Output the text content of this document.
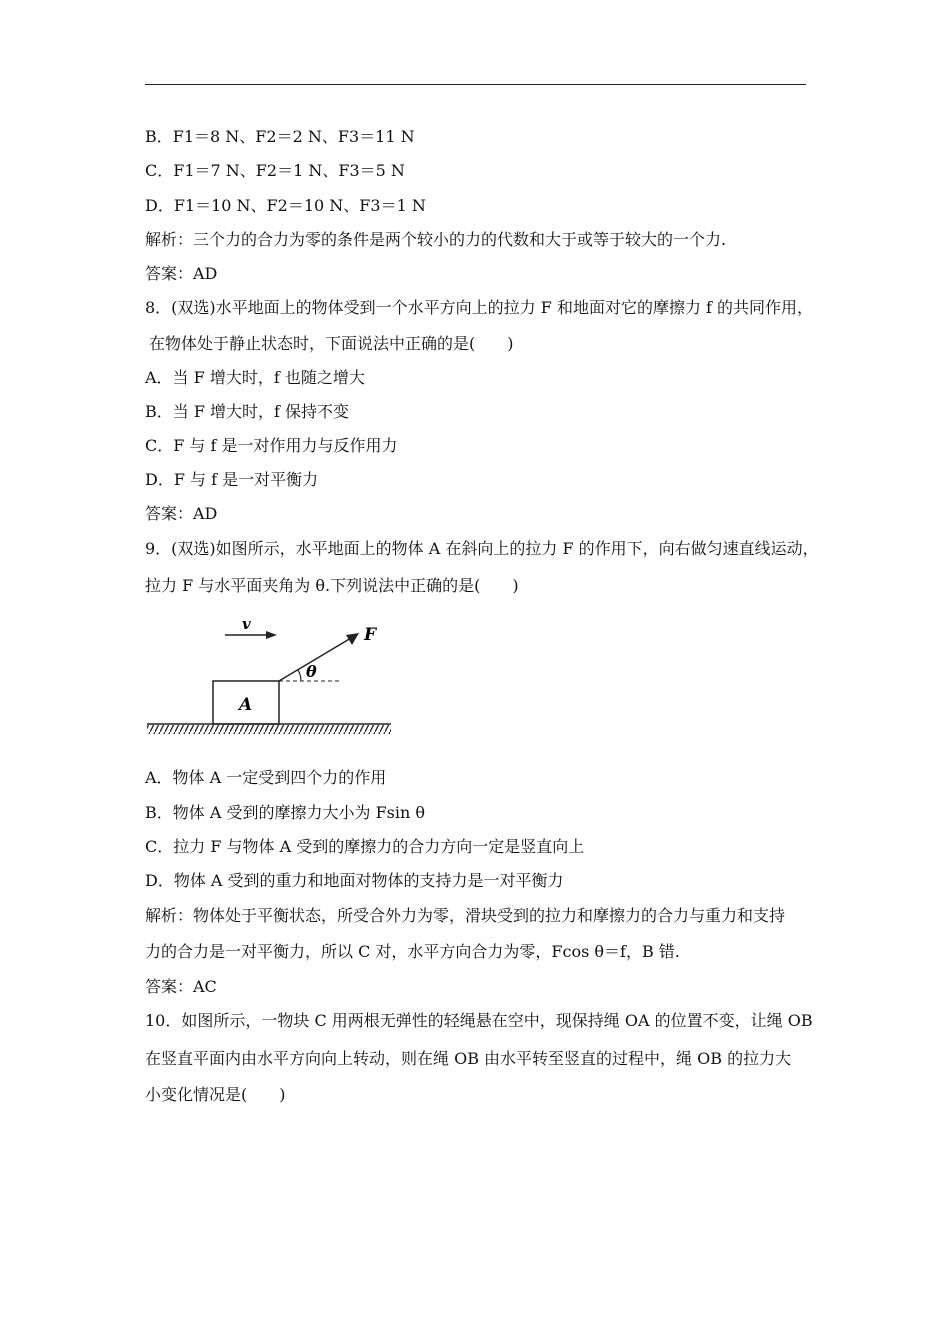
B．F1＝8 N、F2＝2 N、F3＝11 N
C．F1＝7 N、F2＝1 N、F3＝5 N
D．F1＝10 N、F2＝10 N、F3＝1 N
解析：三个力的合力为零的条件是两个较小的力的代数和大于或等于较大的一个力.
答案：AD
8．(双选)水平地面上的物体受到一个水平方向上的拉力 F 和地面对它的摩擦力 f 的共同作用，
在物体处于静止状态时，下面说法中正确的是(　　)
A．当 F 增大时，f 也随之增大
B．当 F 增大时，f 保持不变
C．F 与 f 是一对作用力与反作用力
D．F 与 f 是一对平衡力
答案：AD
9．(双选)如图所示，水平地面上的物体 A 在斜向上的拉力 F 的作用下，向右做匀速直线运动，
拉力 F 与水平面夹角为 θ.下列说法中正确的是(　　)
v
F
θ
A
A．物体 A 一定受到四个力的作用
B．物体 A 受到的摩擦力大小为 Fsin θ
C．拉力 F 与物体 A 受到的摩擦力的合力方向一定是竖直向上
D．物体 A 受到的重力和地面对物体的支持力是一对平衡力
解析：物体处于平衡状态，所受合外力为零，滑块受到的拉力和摩擦力的合力与重力和支持
力的合力是一对平衡力，所以 C 对，水平方向合力为零，Fcos θ＝f，B 错.
答案：AC
10．如图所示，一物块 C 用两根无弹性的轻绳悬在空中，现保持绳 OA 的位置不变，让绳 OB
在竖直平面内由水平方向向上转动，则在绳 OB 由水平转至竖直的过程中，绳 OB 的拉力大
小变化情况是(　　)
